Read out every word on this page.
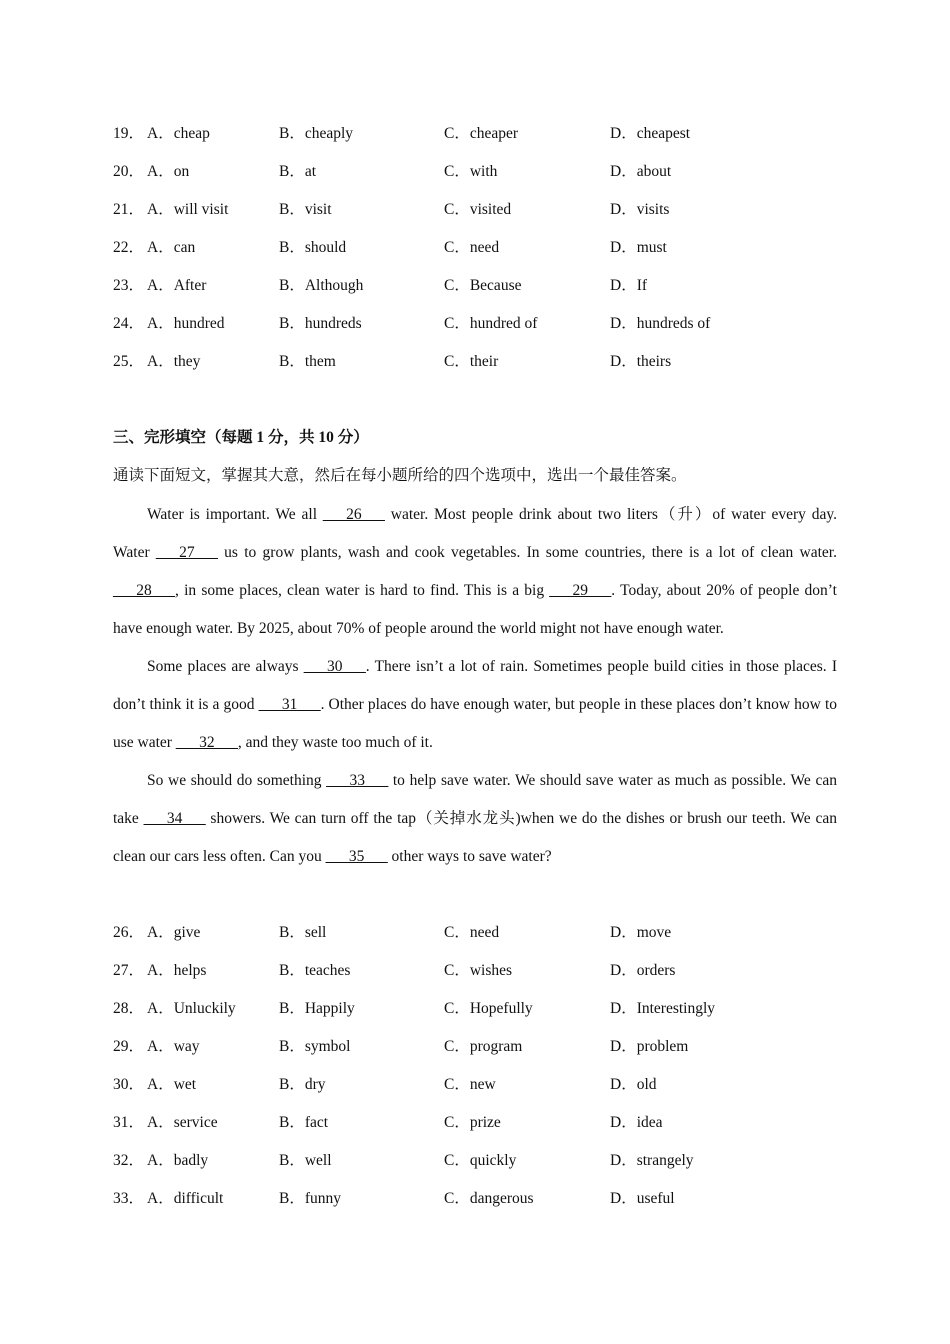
19． A．cheap	B．cheaply	C．cheaper	D．cheapest
20． A．on	B．at	C．with	D．about
21． A．will visit	B．visit	C．visited	D．visits
22． A．can	B．should	C．need	D．must
23． A．After	B．Although	C．Because	D．If
24． A．hundred	B．hundreds	C．hundred of	D．hundreds of
25． A．they	B．them	C．their	D．theirs
三、完形填空（每题 1 分，共 10 分）
通读下面短文，掌握其大意，然后在每小题所给的四个选项中，选出一个最佳答案。

Water is important. We all ___26___ water. Most people drink about two liters（升）of water every day. Water ___27___ us to grow plants, wash and cook vegetables. In some countries, there is a lot of clean water. ___28___, in some places, clean water is hard to find. This is a big ___29___. Today, about 20% of people don’t have enough water. By 2025, about 70% of people around the world might not have enough water.

Some places are always ___30___. There isn’t a lot of rain. Sometimes people build cities in those places. I don’t think it is a good ___31___. Other places do have enough water, but people in these places don’t know how to use water ___32___, and they waste too much of it.

So we should do something ___33___ to help save water. We should save water as much as possible. We can take ___34___ showers. We can turn off the tap（关掉水龙头)when we do the dishes or brush our teeth. We can clean our cars less often. Can you ___35___ other ways to save water?

26． A．give	B．sell	C．need	D．move
27． A．helps	B．teaches	C．wishes	D．orders
28． A．Unluckily	B．Happily	C．Hopefully	D．Interestingly
29． A．way	B．symbol	C．program	D．problem
30． A．wet	B．dry	C．new	D．old
31． A．service	B．fact	C．prize	D．idea
32． A．badly	B．well	C．quickly	D．strangely
33． A．difficult	B．funny	C．dangerous	D．useful
